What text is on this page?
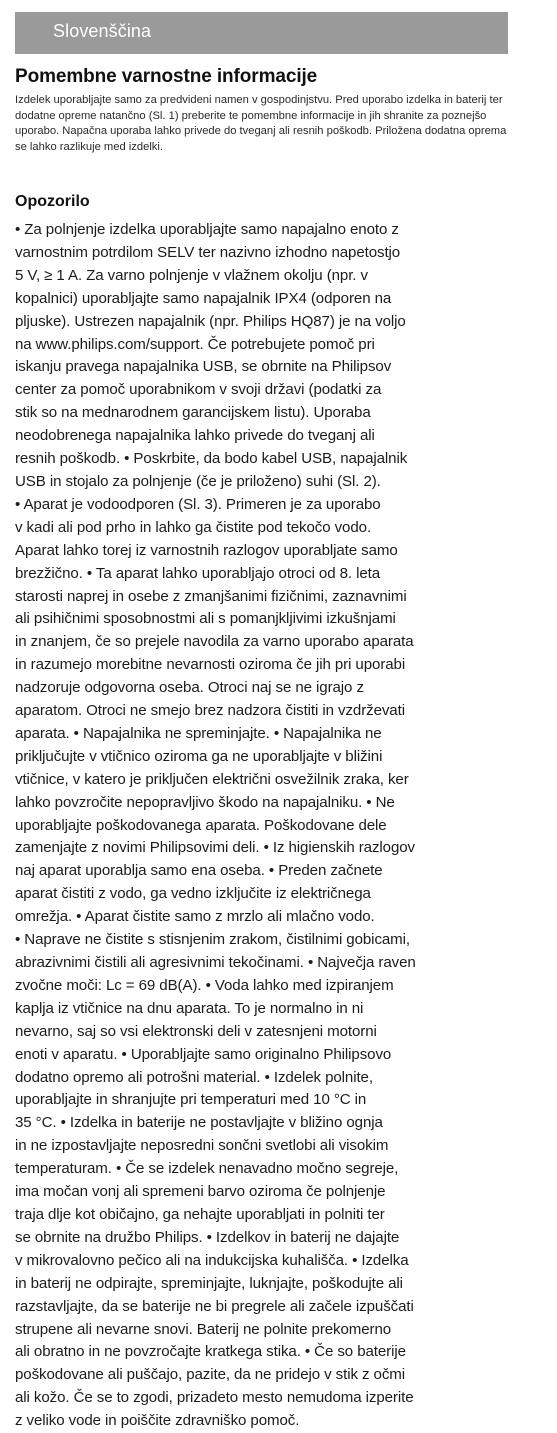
Slovenščina
Pomembne varnostne informacije

Izdelek uporabljajte samo za predvideni namen v gospodinjstvu. Pred uporabo izdelka in baterij ter dodatne opreme natančno (Sl. 1) preberite te pomembne informacije in jih shranite za poznejšo uporabo. Napačna uporaba lahko privede do tveganj ali resnih poškodb. Priložena dodatna oprema se lahko razlikuje med izdelki.

Opozorilo
• Za polnjenje izdelka uporabljajte samo napajalno enoto z
varnostnim potrdilom SELV ter nazivno izhodno napetostjo
5 V, ≥ 1 A. Za varno polnjenje v vlažnem okolju (npr. v
kopalnici) uporabljajte samo napajalnik IPX4 (odporen na
pljuske). Ustrezen napajalnik (npr. Philips HQ87) je na voljo
na www.philips.com/support. Če potrebujete pomoč pri
iskanju pravega napajalnika USB, se obrnite na Philipsov
center za pomoč uporabnikom v svoji državi (podatki za
stik so na mednarodnem garancijskem listu). Uporaba
neodobrenega napajalnika lahko privede do tveganj ali
resnih poškodb. • Poskrbite, da bodo kabel USB, napajalnik
USB in stojalo za polnjenje (če je priloženo) suhi (Sl. 2).
• Aparat je vodoodporen (Sl. 3). Primeren je za uporabo
v kadi ali pod prho in lahko ga čistite pod tekočo vodo.
Aparat lahko torej iz varnostnih razlogov uporabljate samo
brezžično. • Ta aparat lahko uporabljajo otroci od 8. leta
starosti naprej in osebe z zmanjšanimi fizičnimi, zaznavnimi
ali psihičnimi sposobnostmi ali s pomanjkljivimi izkušnjami
in znanjem, če so prejele navodila za varno uporabo aparata
in razumejo morebitne nevarnosti oziroma če jih pri uporabi
nadzoruje odgovorna oseba. Otroci naj se ne igrajo z
aparatom. Otroci ne smejo brez nadzora čistiti in vzdrževati
aparata. • Napajalnika ne spreminjajte. • Napajalnika ne
priključujte v vtičnico oziroma ga ne uporabljajte v bližini
vtičnice, v katero je priključen električni osvežilnik zraka, ker
lahko povzročite nepopravljivo škodo na napajalniku. • Ne
uporabljajte poškodovanega aparata. Poškodovane dele
zamenjajte z novimi Philipsovimi deli. • Iz higienskih razlogov
naj aparat uporablja samo ena oseba. • Preden začnete
aparat čistiti z vodo, ga vedno izključite iz električnega
omrežja. • Aparat čistite samo z mrzlo ali mlačno vodo.
• Naprave ne čistite s stisnjenim zrakom, čistilnimi gobicami,
abrazivnimi čistili ali agresivnimi tekočinami. • Največja raven
zvočne moči: Lc = 69 dB(A). • Voda lahko med izpiranjem
kaplja iz vtičnice na dnu aparata. To je normalno in ni
nevarno, saj so vsi elektronski deli v zatesnjeni motorni
enoti v aparatu. • Uporabljajte samo originalno Philipsovo
dodatno opremo ali potrošni material. • Izdelek polnite,
uporabljajte in shranjujte pri temperaturi med 10 °C in
35 °C. • Izdelka in baterije ne postavljajte v bližino ognja
in ne izpostavljajte neposredni sončni svetlobi ali visokim
temperaturam. • Če se izdelek nenavadno močno segreje,
ima močan vonj ali spremeni barvo oziroma če polnjenje
traja dlje kot običajno, ga nehajte uporabljati in polniti ter
se obrnite na družbo Philips. • Izdelkov in baterij ne dajajte
v mikrovalovno pečico ali na indukcijska kuhališča. • Izdelka
in baterij ne odpirajte, spreminjajte, luknjajte, poškodujte ali
razstavljajte, da se baterije ne bi pregrele ali začele izpuščati
strupene ali nevarne snovi. Baterij ne polnite prekomerno
ali obratno in ne povzročajte kratkega stika. • Če so baterije
poškodovane ali puščajo, pazite, da ne pridejo v stik z očmi
ali kožo. Če se to zgodi, prizadeto mesto nemudoma izperite
z veliko vode in poiščite zdravniško pomoč.
